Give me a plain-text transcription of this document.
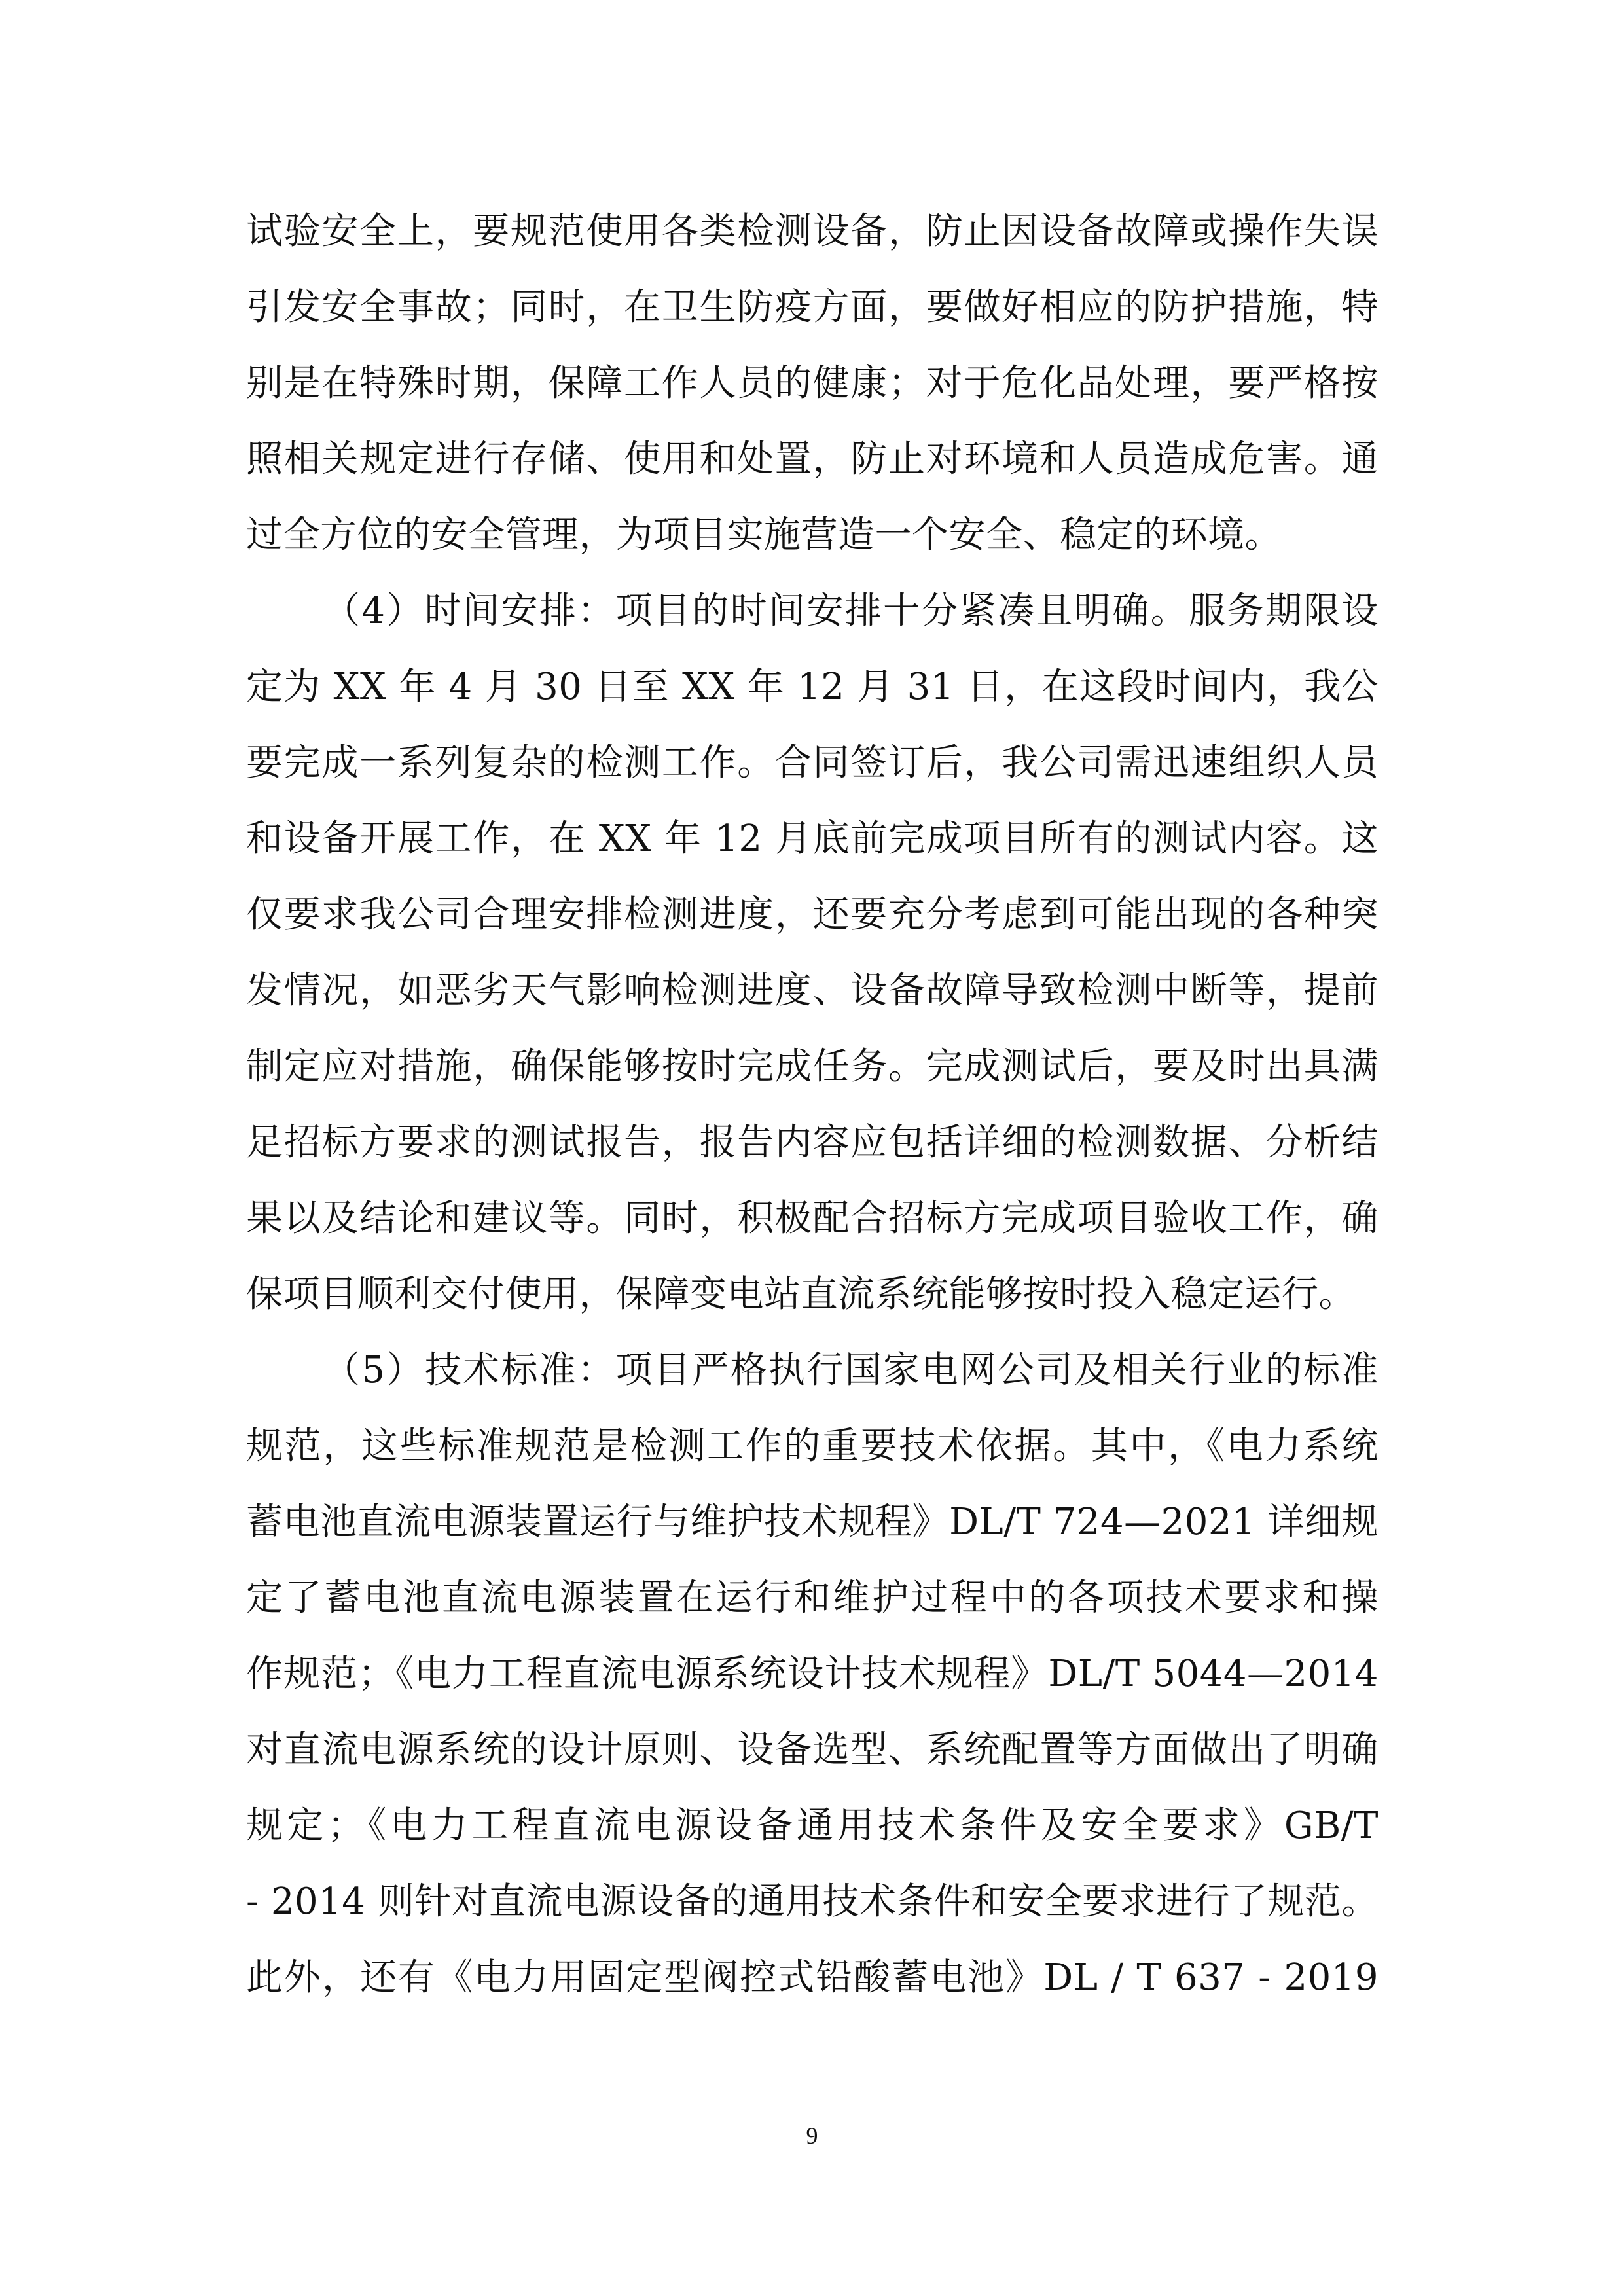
试验安全上，要规范使用各类检测设备，防止因设备故障或操作失误
引发安全事故；同时，在卫生防疫方面，要做好相应的防护措施，特
别是在特殊时期，保障工作人员的健康；对于危化品处理，要严格按
照相关规定进行存储、使用和处置，防止对环境和人员造成危害。通
过全方位的安全管理，为项目实施营造一个安全、稳定的环境。
（4）时间安排：项目的时间安排十分紧凑且明确。服务期限设
定为 XX 年 4 月 30 日至 XX 年 12 月 31 日，在这段时间内，我公
要完成一系列复杂的检测工作。合同签订后，我公司需迅速组织人员
和设备开展工作，在 XX 年 12 月底前完成项目所有的测试内容。这
仅要求我公司合理安排检测进度，还要充分考虑到可能出现的各种突
发情况，如恶劣天气影响检测进度、设备故障导致检测中断等，提前
制定应对措施，确保能够按时完成任务。完成测试后，要及时出具满
足招标方要求的测试报告，报告内容应包括详细的检测数据、分析结
果以及结论和建议等。同时，积极配合招标方完成项目验收工作，确
保项目顺利交付使用，保障变电站直流系统能够按时投入稳定运行。
（5）技术标准：项目严格执行国家电网公司及相关行业的标准
规范，这些标准规范是检测工作的重要技术依据。其中，《电力系统
蓄电池直流电源装置运行与维护技术规程》DL/T 724—2021 详细规
定了蓄电池直流电源装置在运行和维护过程中的各项技术要求和操
作规范；《电力工程直流电源系统设计技术规程》DL/T 5044—2014
对直流电源系统的设计原则、设备选型、系统配置等方面做出了明确
规定；《电力工程直流电源设备通用技术条件及安全要求》GB/T
- 2014 则针对直流电源设备的通用技术条件和安全要求进行了规范。
此外，还有《电力用固定型阀控式铅酸蓄电池》DL / T 637 - 2019
9
